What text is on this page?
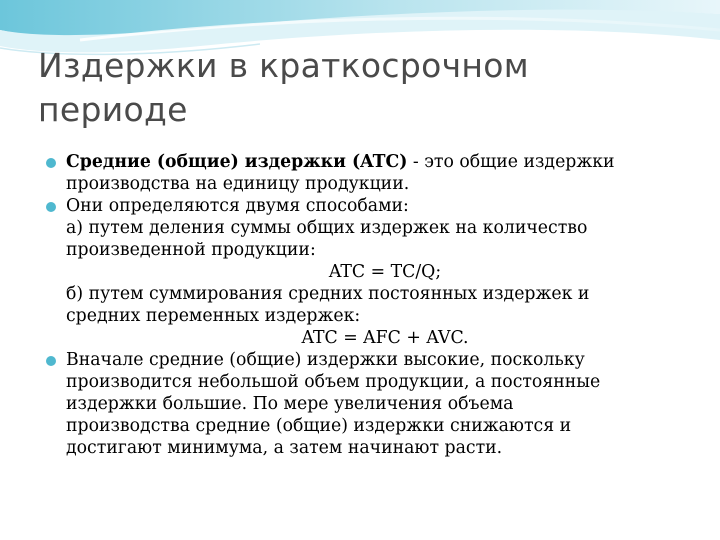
Издержки в краткосрочном
периоде
Средние (общие) издержки (ATC) - это общие издержки
производства на единицу продукции.
Они определяются двумя способами:
а) путем деления суммы общих издержек на количество
произведенной продукции:
ATC = TC/Q;
б) путем суммирования средних постоянных издержек и
средних переменных издержек:
ATC = AFC + AVC.
Вначале средние (общие) издержки высокие, поскольку
производится небольшой объем продукции, а постоянные
издержки большие. По мере увеличения объема
производства средние (общие) издержки снижаются и
достигают минимума, а затем начинают расти.
